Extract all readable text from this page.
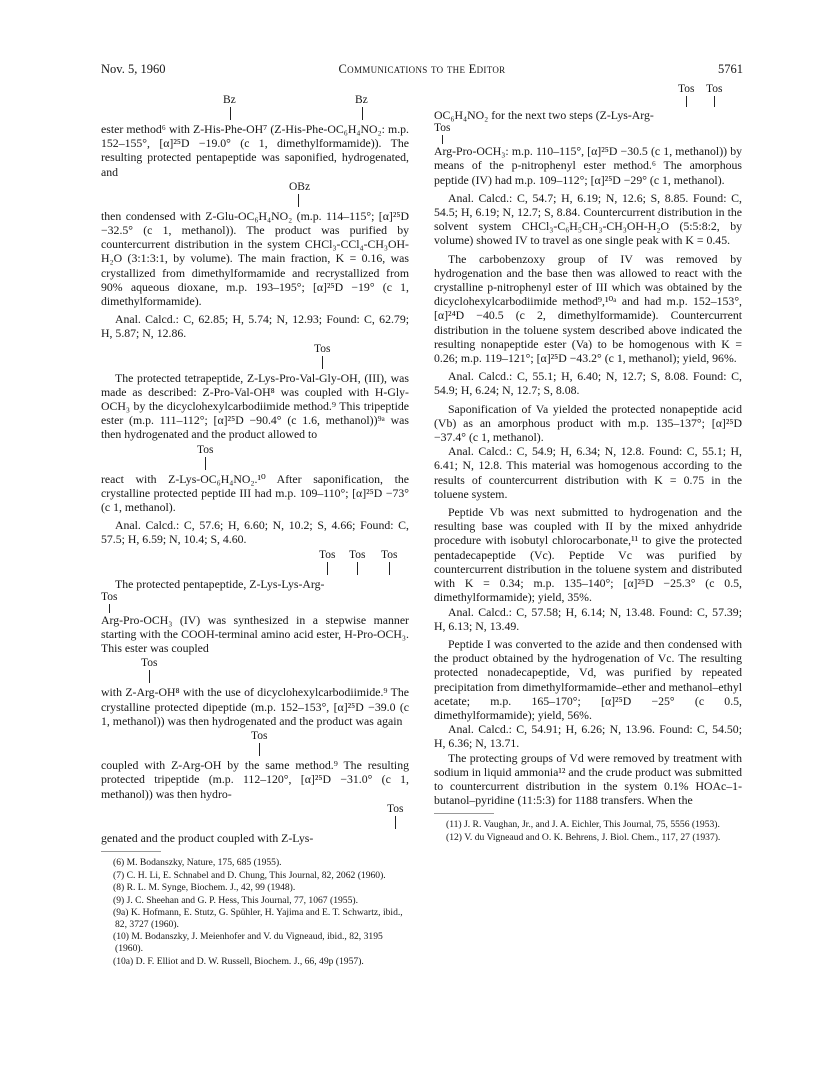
Nov. 5, 1960	Communications to the Editor	5761
Bz	Bz

ester method⁶ with Z-His-Phe-OH⁷ (Z-His-Phe-OC₆H₄NO₂: m.p. 152–155°, [α]²⁵D −19.0° (c 1, dimethylformamide)). The resulting protected pentapeptide was saponified, hydrogenated, and

OBz

then condensed with Z-Glu-OC₆H₄NO₂ (m.p. 114–115°; [α]²⁵D −32.5° (c 1, methanol)). The product was purified by countercurrent distribution in the system CHCl₃-CCl₄-CH₃OH-H₂O (3:1:3:1, by volume). The main fraction, K = 0.16, was crystallized from dimethylformamide and recrystallized from 90% aqueous dioxane, m.p. 193–195°; [α]²⁵D −19° (c 1, dimethylformamide).

Anal. Calcd.: C, 62.85; H, 5.74; N, 12.93; Found: C, 62.79; H, 5.87; N, 12.86.

Tos

The protected tetrapeptide, Z-Lys-Pro-Val-Gly-OH, (III), was made as described: Z-Pro-Val-OH⁸ was coupled with H-Gly-OCH₃ by the dicyclohexylcarbodiimide method.⁹ This tripeptide ester (m.p. 111–112°; [α]²⁵D −90.4° (c 1.6, methanol))⁹ᵃ was then hydrogenated and the product allowed to

Tos

react with Z-Lys-OC₆H₄NO₂.¹⁰ After saponification, the crystalline protected peptide III had m.p. 109–110°; [α]²⁵D −73° (c 1, methanol).

Anal. Calcd.: C, 57.6; H, 6.60; N, 10.2; S, 4.66; Found: C, 57.5; H, 6.59; N, 10.4; S, 4.60.

Tos Tos Tos

The protected pentapeptide, Z-Lys-Lys-Arg-

Tos

Arg-Pro-OCH₃ (IV) was synthesized in a stepwise manner starting with the COOH-terminal amino acid ester, H-Pro-OCH₃. This ester was coupled

Tos

with Z-Arg-OH⁸ with the use of dicyclohexylcarbodiimide.⁹ The crystalline protected dipeptide (m.p. 152–153°, [α]²⁵D −39.0 (c 1, methanol)) was then hydrogenated and the product was again

Tos

coupled with Z-Arg-OH by the same method.⁹ The resulting protected tripeptide (m.p. 112–120°, [α]²⁵D −31.0° (c 1, methanol)) was then hydro-

Tos

genated and the product coupled with Z-Lys-

(6) M. Bodanszky, Nature, 175, 685 (1955).

(7) C. H. Li, E. Schnabel and D. Chung, This Journal, 82, 2062 (1960).

(8) R. L. M. Synge, Biochem. J., 42, 99 (1948).

(9) J. C. Sheehan and G. P. Hess, This Journal, 77, 1067 (1955).

(9a) K. Hofmann, E. Stutz, G. Spühler, H. Yajima and E. T. Schwartz, ibid., 82, 3727 (1960).

(10) M. Bodanszky, J. Meienhofer and V. du Vigneaud, ibid., 82, 3195 (1960).

(10a) D. F. Elliot and D. W. Russell, Biochem. J., 66, 49p (1957).

Tos Tos

OC₆H₄NO₂ for the next two steps (Z-Lys-Arg-

Tos

Arg-Pro-OCH₃: m.p. 110–115°, [α]²⁵D −30.5 (c 1, methanol)) by means of the p-nitrophenyl ester method.⁶ The amorphous peptide (IV) had m.p. 109–112°; [α]²⁵D −29° (c 1, methanol).

Anal. Calcd.: C, 54.7; H, 6.19; N, 12.6; S, 8.85. Found: C, 54.5; H, 6.19; N, 12.7; S, 8.84. Countercurrent distribution in the solvent system CHCl₃-C₆H₅CH₃-CH₃OH-H₂O (5:5:8:2, by volume) showed IV to travel as one single peak with K = 0.45.

The carbobenzoxy group of IV was removed by hydrogenation and the base then was allowed to react with the crystalline p-nitrophenyl ester of III which was obtained by the dicyclohexylcarbodiimide method⁹,¹⁰ᵃ and had m.p. 152–153°, [α]²⁴D −40.5 (c 2, dimethylformamide). Countercurrent distribution in the toluene system described above indicated the resulting nonapeptide ester (Va) to be homogenous with K = 0.26; m.p. 119–121°; [α]²⁵D −43.2° (c 1, methanol); yield, 96%.

Anal. Calcd.: C, 55.1; H, 6.40; N, 12.7; S, 8.08. Found: C, 54.9; H, 6.24; N, 12.7; S, 8.08.

Saponification of Va yielded the protected nonapeptide acid (Vb) as an amorphous product with m.p. 135–137°; [α]²⁵D −37.4° (c 1, methanol).

Anal. Calcd.: C, 54.9; H, 6.34; N, 12.8. Found: C, 55.1; H, 6.41; N, 12.8. This material was homogenous according to the results of countercurrent distribution with K = 0.75 in the toluene system.

Peptide Vb was next submitted to hydrogenation and the resulting base was coupled with II by the mixed anhydride procedure with isobutyl chlorocarbonate,¹¹ to give the protected pentadecapeptide (Vc). Peptide Vc was purified by countercurrent distribution in the toluene system and distributed with K = 0.34; m.p. 135–140°; [α]²⁵D −25.3° (c 0.5, dimethylformamide); yield, 35%.

Anal. Calcd.: C, 57.58; H, 6.14; N, 13.48. Found: C, 57.39; H, 6.13; N, 13.49.

Peptide I was converted to the azide and then condensed with the product obtained by the hydrogenation of Vc. The resulting protected nonadecapeptide, Vd, was purified by repeated precipitation from dimethylformamide–ether and methanol–ethyl acetate; m.p. 165–170°; [α]²⁵D −25° (c 0.5, dimethylformamide); yield, 56%.

Anal. Calcd.: C, 54.91; H, 6.26; N, 13.96. Found: C, 54.50; H, 6.36; N, 13.71.

The protecting groups of Vd were removed by treatment with sodium in liquid ammonia¹² and the crude product was submitted to countercurrent distribution in the system 0.1% HOAc–1-butanol–pyridine (11:5:3) for 1188 transfers. When the

(11) J. R. Vaughan, Jr., and J. A. Eichler, This Journal, 75, 5556 (1953).

(12) V. du Vigneaud and O. K. Behrens, J. Biol. Chem., 117, 27 (1937).
